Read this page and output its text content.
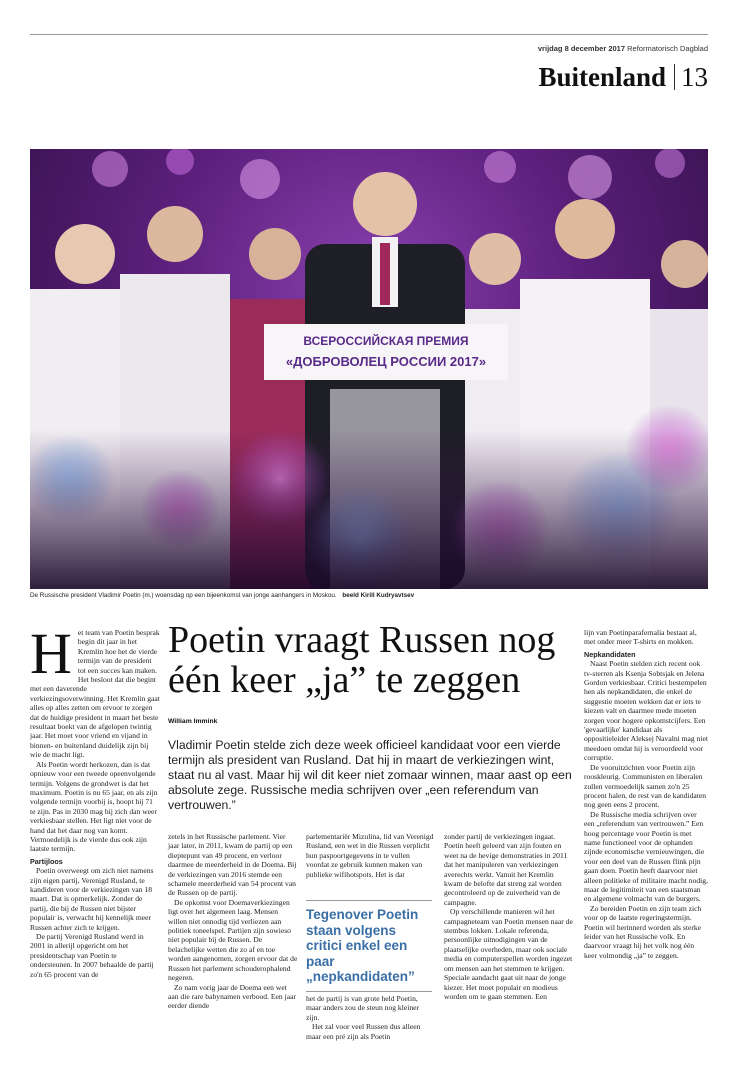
vrijdag 8 december 2017 Reformatorisch Dagblad
Buitenland 13
ВСЕРОССИЙСКАЯ ПРЕМИЯ
«ДОБРОВОЛЕЦ РОССИИ 2017»
De Russische president Vladimir Poetin (m.) woensdag op een bijeenkomst van jonge aanhangers in Moskou. beeld Kirill Kudryavtsev
H et team van Poetin besprak begin dit jaar in het Kremlin hoe het de vierde termijn van de president tot een succes kan maken. Het besloot dat die begint met een daverende verkiezingsoverwinning. Het Kremlin gaat alles op alles zetten om ervoor te zorgen dat de huidige president in maart het beste resultaat boekt van de afgelopen twintig jaar. Het moet voor vriend en vijand in binnen- en buitenland duidelijk zijn bij wie de macht ligt.

Als Poetin wordt herkozen, dan is dat opnieuw voor een tweede opeenvolgende termijn. Volgens de grondwet is dat het maximum. Poetin is nu 65 jaar, en als zijn volgende termijn voorbij is, hoopt hij 71 te zijn. Pas in 2030 mag hij zich dan weer verkiesbaar stellen. Het ligt niet voor de hand dat het daar nog van komt. Vermoedelijk is de vierde dus ook zijn laatste termijn.

Partijloos

Poetin overweegt om zich niet namens zijn eigen partij, Verenigd Rusland, te kandideren voor de verkiezingen van 18 maart. Dat is opmerkelijk. Zonder de partij, die bij de Russen niet bijster populair is, verwacht hij kennelijk meer Russen achter zich te krijgen.

De partij Verenigd Rusland werd in 2001 in allerijl opgericht om het presidentschap van Poetin te ondersteunen. In 2007 behaalde de partij zo'n 65 procent van de

Poetin vraagt Russen nog één keer „ja” te zeggen
William Immink
Vladimir Poetin stelde zich deze week officieel kandidaat voor een vierde termijn als president van Rusland. Dat hij in maart de verkiezingen wint, staat nu al vast. Maar hij wil dit keer niet zomaar winnen, maar aast op een absolute zege. Russische media schrijven over „een referendum van vertrouwen.”

zetels in het Russische parlement. Vier jaar later, in 2011, kwam de partij op een dieptepunt van 49 procent, en verloor daarmee de meerderheid in de Doema. Bij de verkiezingen van 2016 stemde een schamele meerderheid van 54 procent van de Russen op de partij.

De opkomst voor Doemaverkiezingen ligt over het algemeen laag. Mensen willen niet onnodig tijd verliezen aan politiek toneelspel. Partijen zijn sowieso niet populair bij de Russen. De belachelijke wetten die zo af en toe worden aangenomen, zorgen ervoor dat de Russen het parlement schouderophalend negeren.

Zo nam vorig jaar de Doema een wet aan die rare babynamen verbood. Een jaar eerder diende

parlementariër Mizulina, lid van Verenigd Rusland, een wet in die Russen verplicht hun paspoortgegevens in te vullen voordat ze gebruik kunnen maken van publieke wifihotspots. Het is dat

Tegenover Poetin staan volgens critici enkel een paar „nepkandidaten”

het de partij is van grote held Poetin, maar anders zou de steun nog kleiner zijn.

Het zal voor veel Russen dus alleen maar een pré zijn als Poetin

zonder partij de verkiezingen ingaat. Poetin heeft geleerd van zijn fouten en weet na de hevige demonstraties in 2011 dat het manipuleren van verkiezingen averechts werkt. Vanuit het Kremlin kwam de belofte dat streng zal worden gecontroleerd op de zuiverheid van de campagne.

Op verschillende manieren wil het campagneteam van Poetin mensen naar de stembus lokken. Lokale referenda, persoonlijke uitnodigingen van de plaatselijke overheden, maar ook sociale media en computerspellen worden ingezet om mensen aan het stemmen te krijgen. Speciale aandacht gaat uit naar de jonge kiezer. Het moet populair en modieus worden om te gaan stemmen. Een

lijn van Poetinparafernalia bestaat al, met onder meer T-shirts en mokken.

Nepkandidaten

Naast Poetin stelden zich recent ook tv-sterren als Ksenja Sobtsjak en Jelena Gordon verkiesbaar. Critici bestempelen hen als nepkandidaten, die enkel de suggestie moeten wekken dat er iets te kiezen valt en daarmee mede moeten zorgen voor hogere opkomstcijfers. Een 'gevaarlijke' kandidaat als oppositieleider Aleksej Navalni mag niet meedoen omdat hij is veroordeeld voor corruptie.

De vooruitzichten voor Poetin zijn rooskleurig. Communisten en liberalen zullen vermoedelijk samen zo'n 25 procent halen, de rest van de kandidaten nog geen eens 2 procent.

De Russische media schrijven over een „referendum van vertrouwen.” Een hoog percentage voor Poetin is met name functioneel voor de ophanden zijnde economische vernieuwingen, die voor een deel van de Russen flink pijn gaan doen. Poetin heeft daarvoor niet alleen politieke of militaire macht nodig, maar de legitimiteit van een staatsman en algemene volmacht van de burgers.

Zo bereiden Poetin en zijn team zich voor op de laatste regeringstermijn. Poetin wil herinnerd worden als sterke leider van het Russische volk. En daarvoor vraagt hij het volk nog één keer volmondig „ja” te zeggen.
